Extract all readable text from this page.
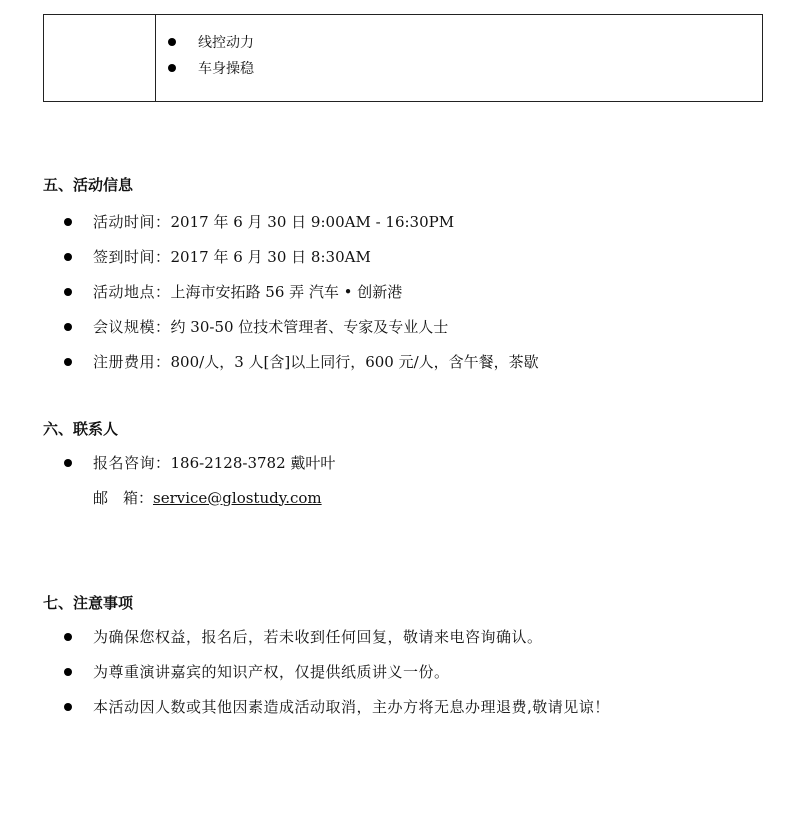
线控动力
车身操稳
五、活动信息
活动时间： 2017 年 6 月 30 日 9:00AM - 16:30PM
签到时间： 2017 年 6 月 30 日 8:30AM
活动地点： 上海市安拓路 56 弄 汽车 • 创新港
会议规模： 约 30-50 位技术管理者、专家及专业人士
注册费用： 800/人，3 人[含]以上同行，600 元/人，含午餐，茶歇
六、联系人
报名咨询： 186-2128-3782 戴叶叶
邮 箱： service@glostudy.com
七、注意事项
为确保您权益，报名后，若未收到任何回复，敬请来电咨询确认。
为尊重演讲嘉宾的知识产权，仅提供纸质讲义一份。
本活动因人数或其他因素造成活动取消，主办方将无息办理退费,敬请见谅！
